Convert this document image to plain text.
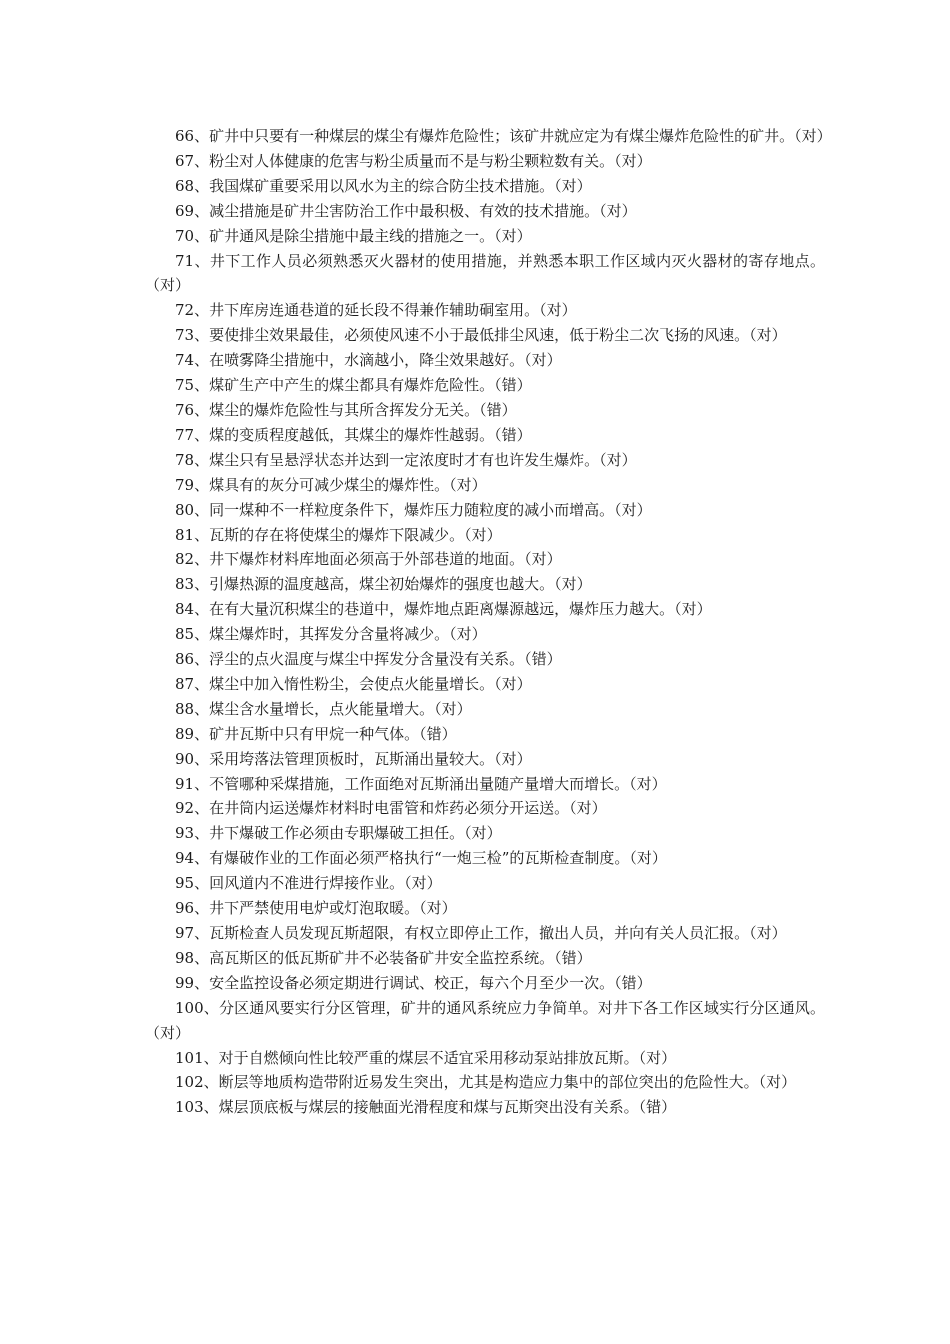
66、矿井中只要有一种煤层的煤尘有爆炸危险性；该矿井就应定为有煤尘爆炸危险性的矿井。（对）

67、粉尘对人体健康的危害与粉尘质量而不是与粉尘颗粒数有关。（对）

68、我国煤矿重要采用以风水为主的综合防尘技术措施。（对）

69、减尘措施是矿井尘害防治工作中最积极、有效的技术措施。（对）

70、矿井通风是除尘措施中最主线的措施之一。（对）

71、井下工作人员必须熟悉灭火器材的使用措施，并熟悉本职工作区域内灭火器材的寄存地点。（对）

72、井下库房连通巷道的延长段不得兼作辅助硐室用。（对）

73、要使排尘效果最佳，必须使风速不小于最低排尘风速，低于粉尘二次飞扬的风速。（对）

74、在喷雾降尘措施中，水滴越小，降尘效果越好。（对）

75、煤矿生产中产生的煤尘都具有爆炸危险性。（错）

76、煤尘的爆炸危险性与其所含挥发分无关。（错）

77、煤的变质程度越低，其煤尘的爆炸性越弱。（错）

78、煤尘只有呈悬浮状态并达到一定浓度时才有也许发生爆炸。（对）

79、煤具有的灰分可减少煤尘的爆炸性。（对）

80、同一煤种不一样粒度条件下，爆炸压力随粒度的减小而增高。（对）

81、瓦斯的存在将使煤尘的爆炸下限减少。（对）

82、井下爆炸材料库地面必须高于外部巷道的地面。（对）

83、引爆热源的温度越高，煤尘初始爆炸的强度也越大。（对）

84、在有大量沉积煤尘的巷道中，爆炸地点距离爆源越远，爆炸压力越大。（对）

85、煤尘爆炸时，其挥发分含量将减少。（对）

86、浮尘的点火温度与煤尘中挥发分含量没有关系。（错）

87、煤尘中加入惰性粉尘，会使点火能量增长。（对）

88、煤尘含水量增长，点火能量增大。（对）

89、矿井瓦斯中只有甲烷一种气体。（错）

90、采用垮落法管理顶板时，瓦斯涌出量较大。（对）

91、不管哪种采煤措施，工作面绝对瓦斯涌出量随产量增大而增长。（对）

92、在井筒内运送爆炸材料时电雷管和炸药必须分开运送。（对）

93、井下爆破工作必须由专职爆破工担任。（对）

94、有爆破作业的工作面必须严格执行“一炮三检”的瓦斯检查制度。（对）

95、回风道内不准进行焊接作业。（对）

96、井下严禁使用电炉或灯泡取暖。（对）

97、瓦斯检查人员发现瓦斯超限，有权立即停止工作，撤出人员，并向有关人员汇报。（对）

98、高瓦斯区的低瓦斯矿井不必装备矿井安全监控系统。（错）

99、安全监控设备必须定期进行调试、校正，每六个月至少一次。（错）

100、分区通风要实行分区管理，矿井的通风系统应力争简单。对井下各工作区域实行分区通风。（对）

101、对于自燃倾向性比较严重的煤层不适宜采用移动泵站排放瓦斯。（对）

102、断层等地质构造带附近易发生突出，尤其是构造应力集中的部位突出的危险性大。（对）

103、煤层顶底板与煤层的接触面光滑程度和煤与瓦斯突出没有关系。（错）
